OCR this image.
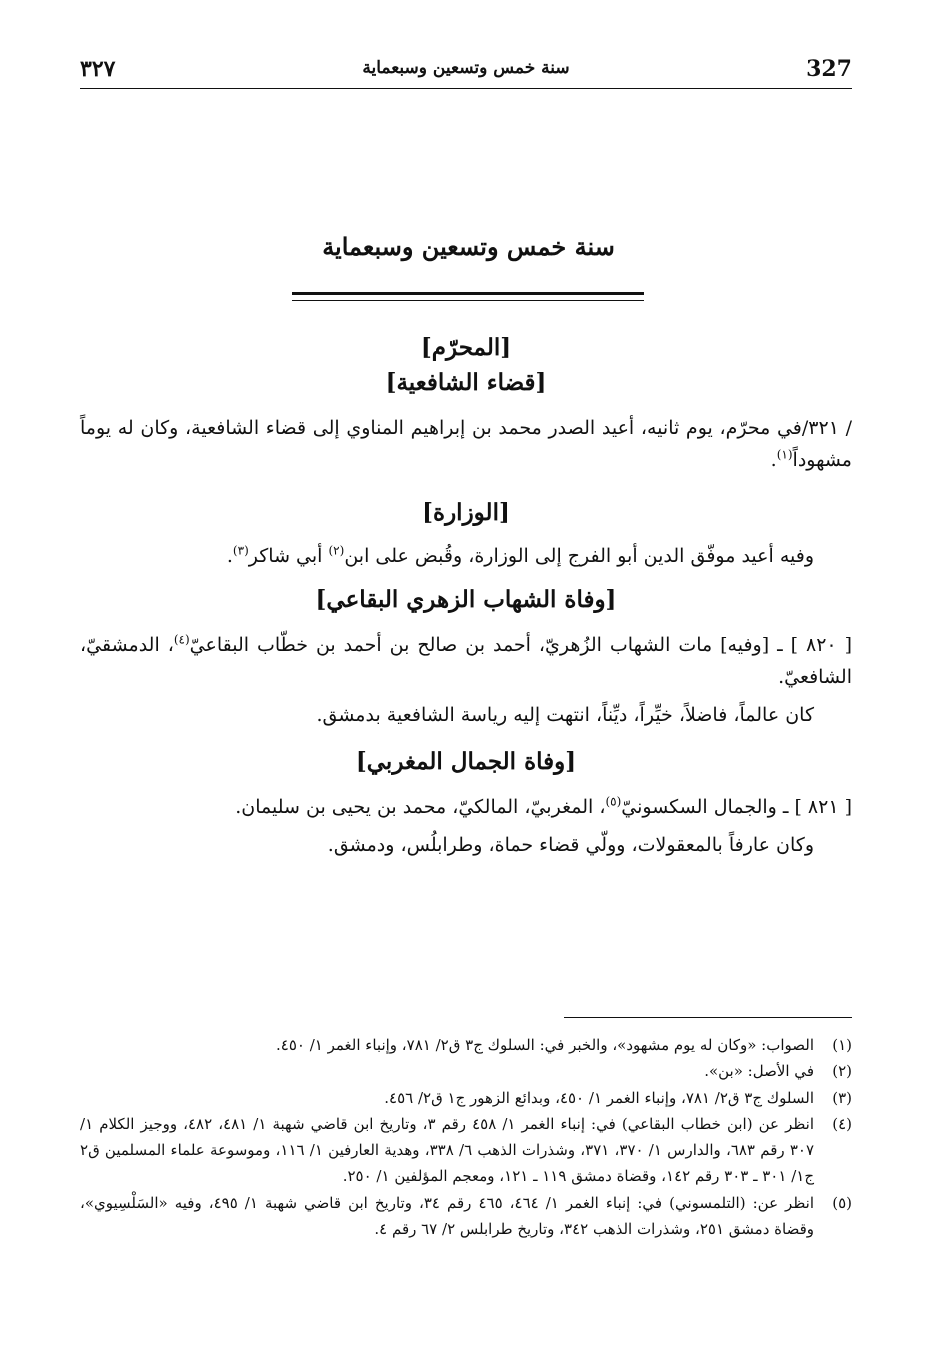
327
سنة خمس وتسعين وسبعماية
٣٢٧
سنة خمس وتسعين وسبعماية

[المحرّم]

[قضاء الشافعية]

/ ٣٢١/في محرّم، يوم ثانيه، أعيد الصدر محمد بن إبراهيم المناوي إلى قضاء الشافعية، وكان له يوماً مشهوداً$^{(١)}$.

[الوزارة]

وفيه أعيد موفّق الدين أبو الفرج إلى الوزارة، وقُبض على ابن$^{(٢)}$ أبي شاكر$^{(٣)}$.

[وفاة الشهاب الزهري البقاعي]

[ ٨٢٠ ] ـ [وفيه] مات الشهاب الزُهريّ، أحمد بن صالح بن أحمد بن خطّاب البقاعيّ$^{(٤)}$، الدمشقيّ، الشافعيّ.

كان عالماً، فاضلاً، خيِّراً، ديِّناً، انتهت إليه رياسة الشافعية بدمشق.

[وفاة الجمال المغربي]

[ ٨٢١ ] ـ والجمال السكسونيّ$^{(٥)}$، المغربيّ، المالكيّ، محمد بن يحيى بن سليمان.

وكان عارفاً بالمعقولات، وولّي قضاء حماة، وطرابلُس، ودمشق.

(١)
الصواب: «وكان له يوم مشهود»، والخبر في: السلوك ج٣ ق٢/ ٧٨١، وإنباء الغمر ١/ ٤٥٠.
(٢)
في الأصل: «بن».
(٣)
السلوك ج٣ ق٢/ ٧٨١، وإنباء الغمر ١/ ٤٥٠، وبدائع الزهور ج١ ق٢/ ٤٥٦.
(٤)
انظر عن (ابن خطاب البقاعي) في: إنباء الغمر ١/ ٤٥٨ رقم ٣، وتاريخ ابن قاضي شهبة ١/ ٤٨١، ٤٨٢، ووجيز الكلام ١/ ٣٠٧ رقم ٦٨٣، والدارس ١/ ٣٧٠، ٣٧١، وشذرات الذهب ٦/ ٣٣٨، وهدية العارفين ١/ ١١٦، وموسوعة علماء المسلمين ق٢ ج١/ ٣٠١ ـ ٣٠٣ رقم ١٤٢، وقضاة دمشق ١١٩ ـ ١٢١، ومعجم المؤلفين ١/ ٢٥٠.
(٥)
انظر عن: (التلمسوني) في: إنباء الغمر ١/ ٤٦٤، ٤٦٥ رقم ٣٤، وتاريخ ابن قاضي شهبة ١/ ٤٩٥، وفيه «السَلْسِيوي»، وقضاة دمشق ٢٥١، وشذرات الذهب ٣٤٢، وتاريخ طرابلس ٢/ ٦٧ رقم ٤.
